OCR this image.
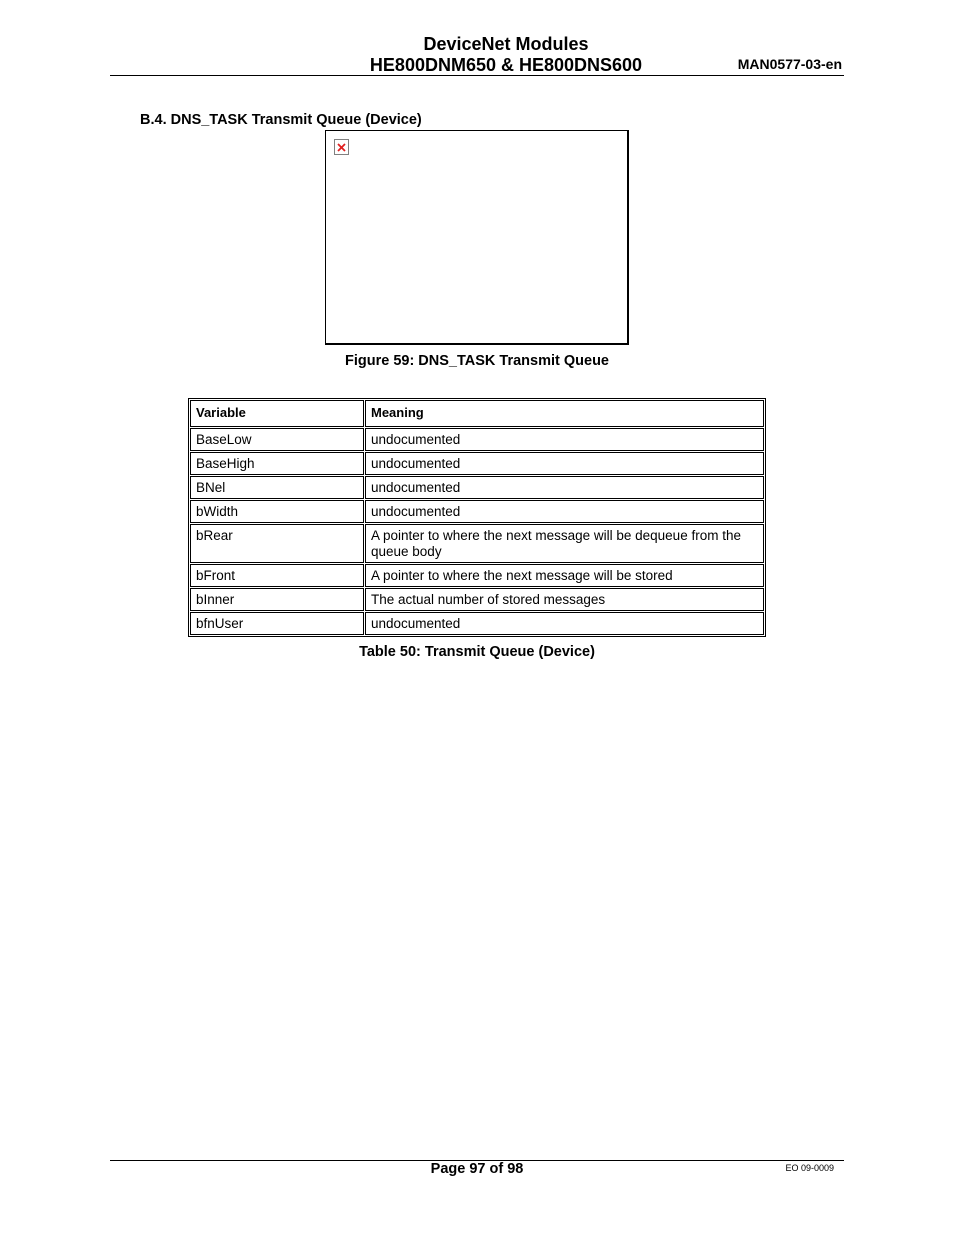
DeviceNet Modules
HE800DNM650 & HE800DNS600	MAN0577-03-en
B.4. DNS_TASK Transmit Queue (Device)
Figure 59: DNS_TASK Transmit Queue
Variable	Meaning
BaseLow	undocumented
BaseHigh	undocumented
BNel	undocumented
bWidth	undocumented
bRear	A pointer to where the next message will be dequeue from the queue body
bFront	A pointer to where the next message will be stored
bInner	The actual number of stored messages
bfnUser	undocumented
Table 50: Transmit Queue (Device)
Page 97 of 98	EO 09-0009
